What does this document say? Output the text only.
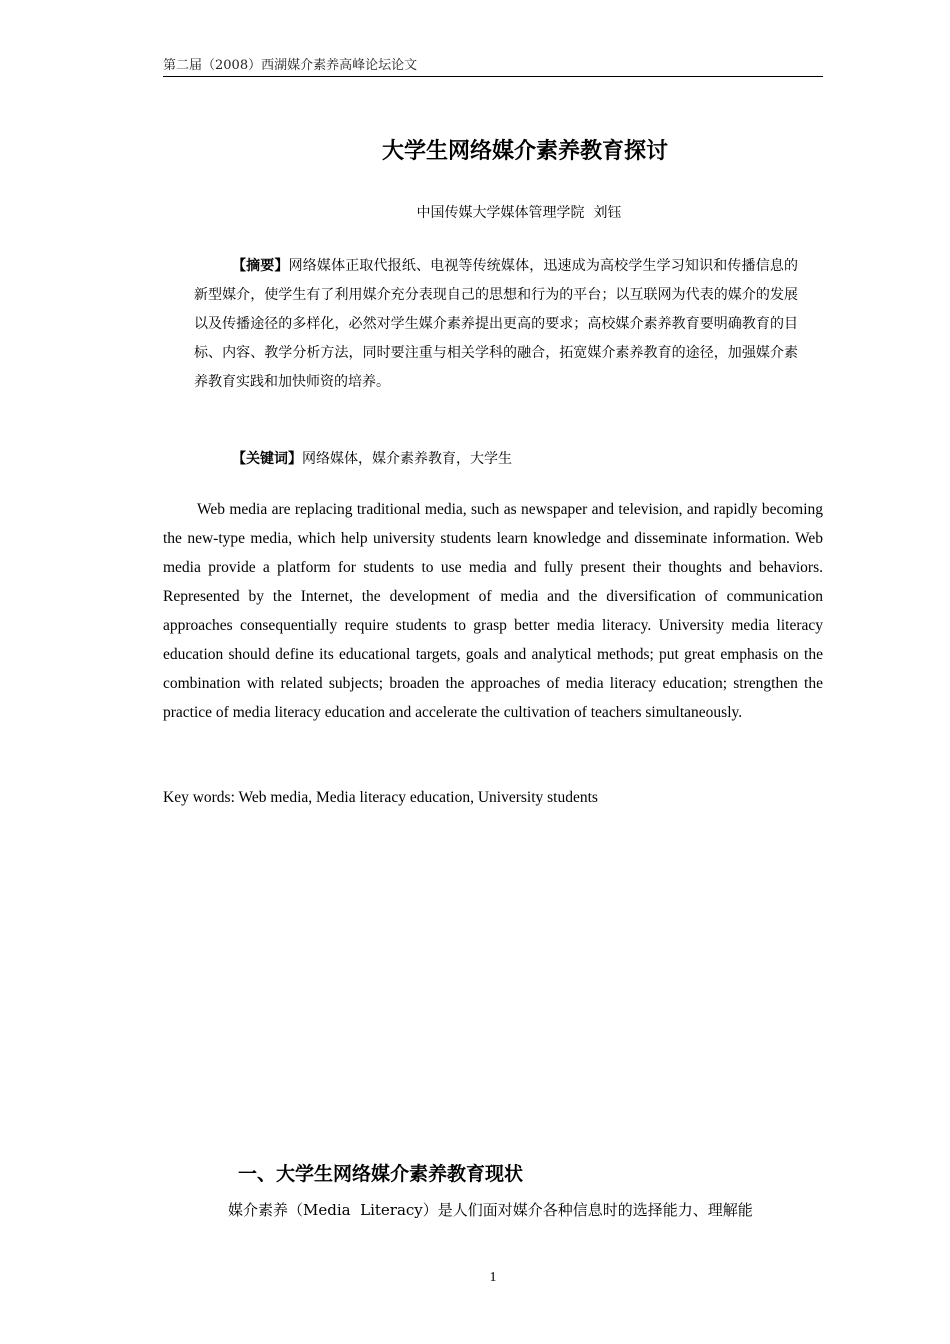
第二届（2008）西湖媒介素养高峰论坛论文
大学生网络媒介素养教育探讨
中国传媒大学媒体管理学院  刘钰
【摘要】网络媒体正取代报纸、电视等传统媒体，迅速成为高校学生学习知识和传播信息的新型媒介，使学生有了利用媒介充分表现自己的思想和行为的平台；以互联网为代表的媒介的发展以及传播途径的多样化，必然对学生媒介素养提出更高的要求；高校媒介素养教育要明确教育的目标、内容、教学分析方法，同时要注重与相关学科的融合，拓宽媒介素养教育的途径，加强媒介素养教育实践和加快师资的培养。
【关键词】网络媒体，媒介素养教育，大学生
Web media are replacing traditional media, such as newspaper and television, and rapidly becoming the new-type media, which help university students learn knowledge and disseminate information. Web media provide a platform for students to use media and fully present their thoughts and behaviors. Represented by the Internet, the development of media and the diversification of communication approaches consequentially require students to grasp better media literacy. University media literacy education should define its educational targets, goals and analytical methods; put great emphasis on the combination with related subjects; broaden the approaches of media literacy education; strengthen the practice of media literacy education and accelerate the cultivation of teachers simultaneously.
Key words: Web media, Media literacy education, University students
一、大学生网络媒介素养教育现状
媒介素养（Media  Literacy）是人们面对媒介各种信息时的选择能力、理解能
1
